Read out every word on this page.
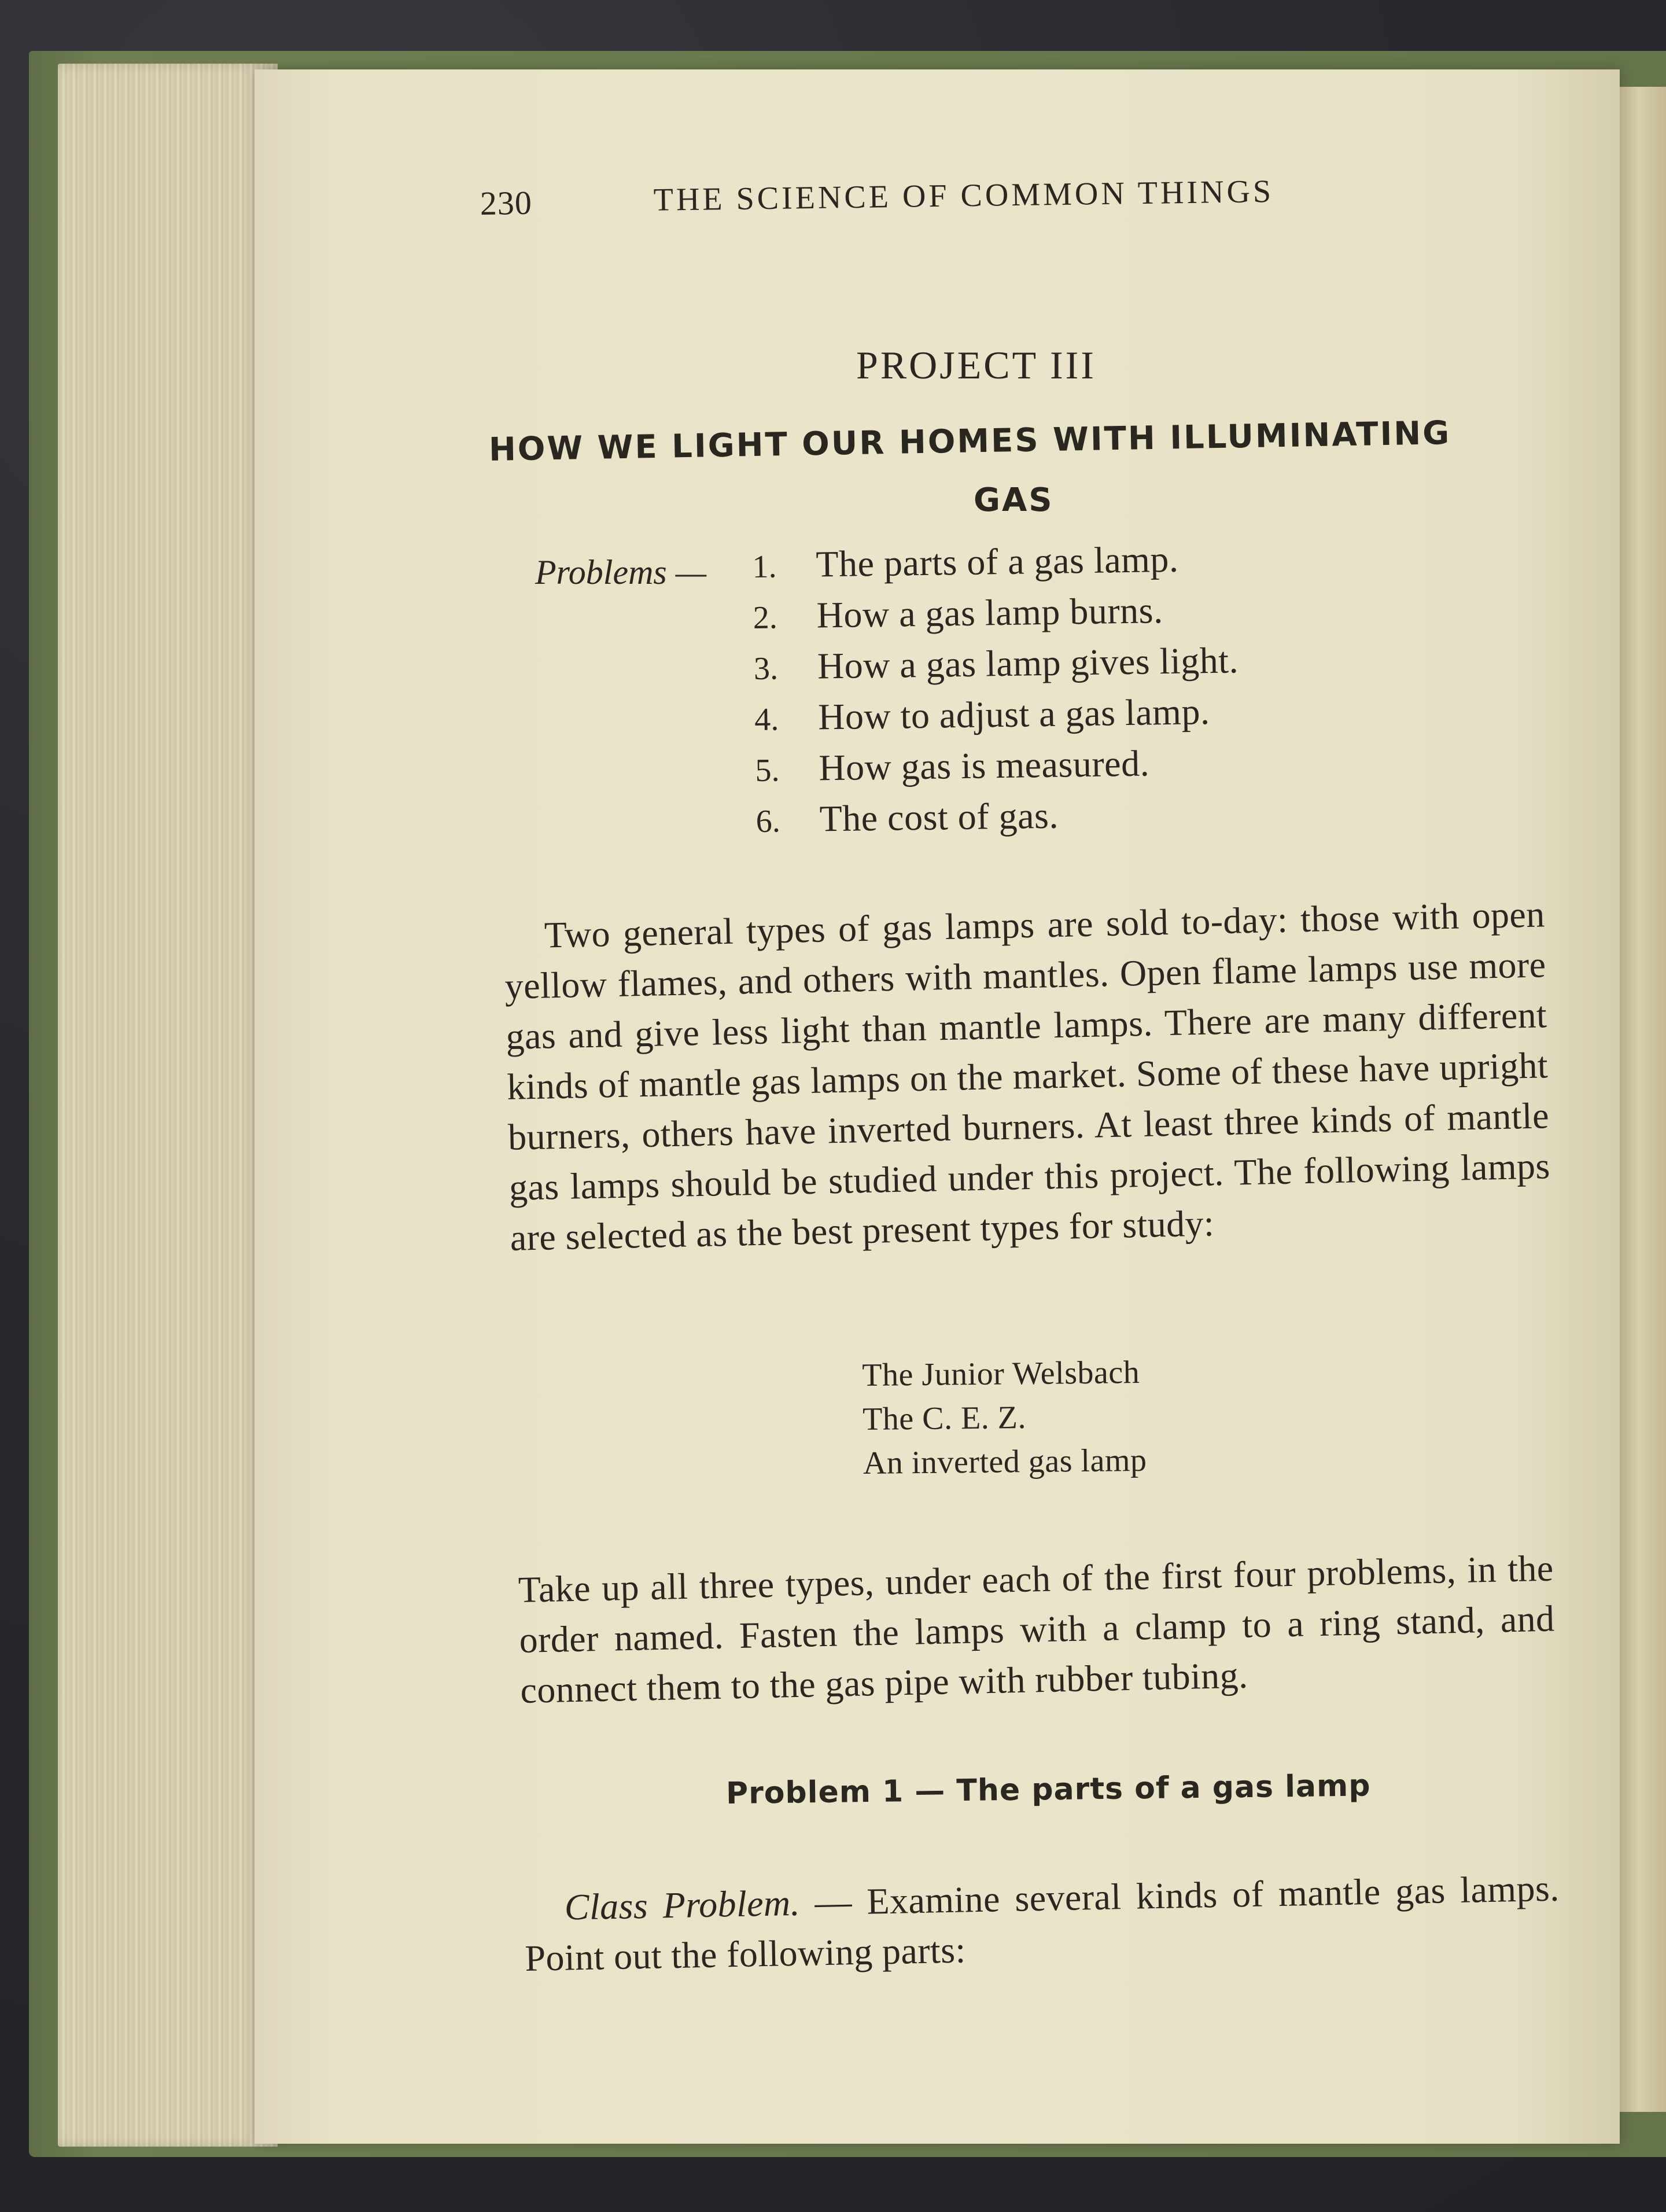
230	THE SCIENCE OF COMMON THINGS
PROJECT III
HOW WE LIGHT OUR HOMES WITH ILLUMINATING
GAS
Problems — 1.	The parts of a gas lamp.
2.	How a gas lamp burns.
3.	How a gas lamp gives light.
4.	How to adjust a gas lamp.
5.	How gas is measured.
6.	The cost of gas.

Two general types of gas lamps are sold to-day: those with open yellow flames, and others with mantles. Open flame lamps use more gas and give less light than mantle lamps. There are many different kinds of mantle gas lamps on the market. Some of these have upright burners, others have inverted burners. At least three kinds of mantle gas lamps should be studied under this project. The following lamps are selected as the best present types for study:

The Junior Welsbach
The C. E. Z.
An inverted gas lamp

Take up all three types, under each of the first four problems, in the order named. Fasten the lamps with a clamp to a ring stand, and connect them to the gas pipe with rubber tubing.

Problem 1 — The parts of a gas lamp

Class Problem. — Examine several kinds of mantle gas lamps. Point out the following parts:
